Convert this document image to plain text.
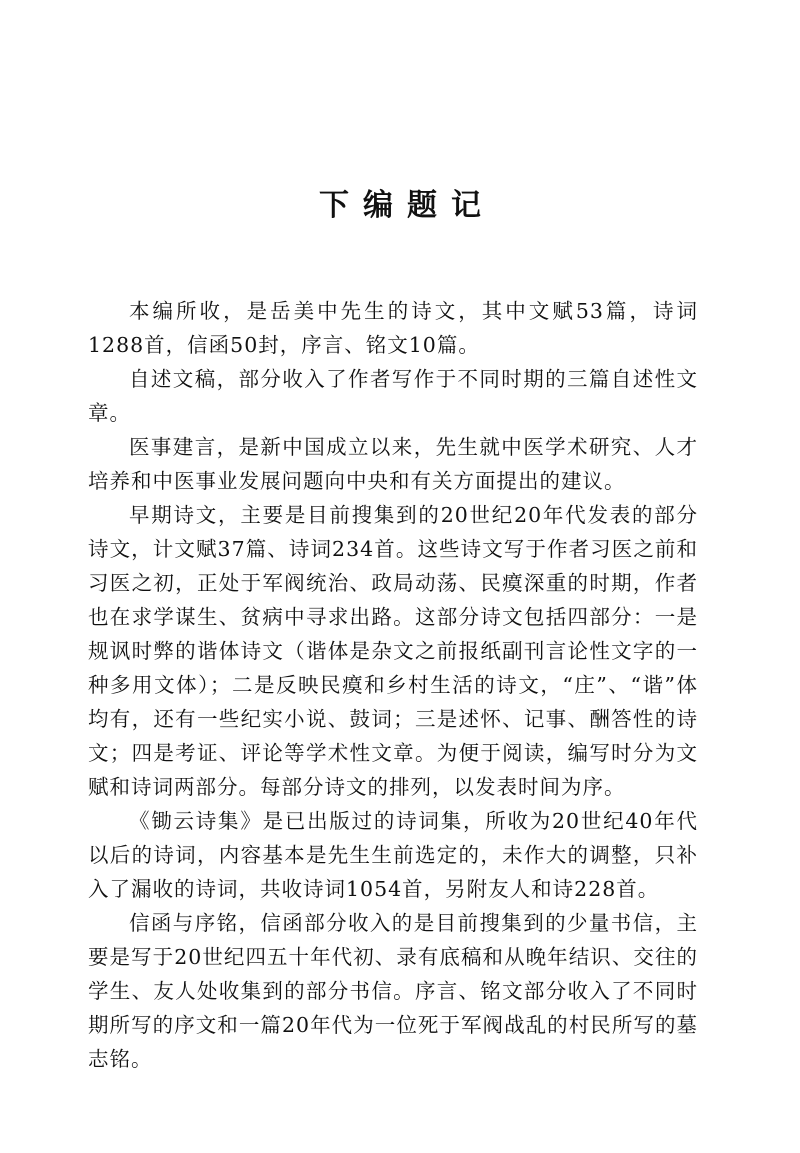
下编题记

本编所收，是岳美中先生的诗文，其中文赋53篇，诗词1288首，信函50封，序言、铭文10篇。

自述文稿，部分收入了作者写作于不同时期的三篇自述性文章。

医事建言，是新中国成立以来，先生就中医学术研究、人才培养和中医事业发展问题向中央和有关方面提出的建议。

早期诗文，主要是目前搜集到的20世纪20年代发表的部分诗文，计文赋37篇、诗词234首。这些诗文写于作者习医之前和习医之初，正处于军阀统治、政局动荡、民瘼深重的时期，作者也在求学谋生、贫病中寻求出路。这部分诗文包括四部分：一是规讽时弊的谐体诗文（谐体是杂文之前报纸副刊言论性文字的一种多用文体）；二是反映民瘼和乡村生活的诗文，“庄”、“谐”体均有，还有一些纪实小说、鼓词；三是述怀、记事、酬答性的诗文；四是考证、评论等学术性文章。为便于阅读，编写时分为文赋和诗词两部分。每部分诗文的排列，以发表时间为序。

《锄云诗集》是已出版过的诗词集，所收为20世纪40年代以后的诗词，内容基本是先生生前选定的，未作大的调整，只补入了漏收的诗词，共收诗词1054首，另附友人和诗228首。

信函与序铭，信函部分收入的是目前搜集到的少量书信，主要是写于20世纪四五十年代初、录有底稿和从晚年结识、交往的学生、友人处收集到的部分书信。序言、铭文部分收入了不同时期所写的序文和一篇20年代为一位死于军阀战乱的村民所写的墓志铭。
